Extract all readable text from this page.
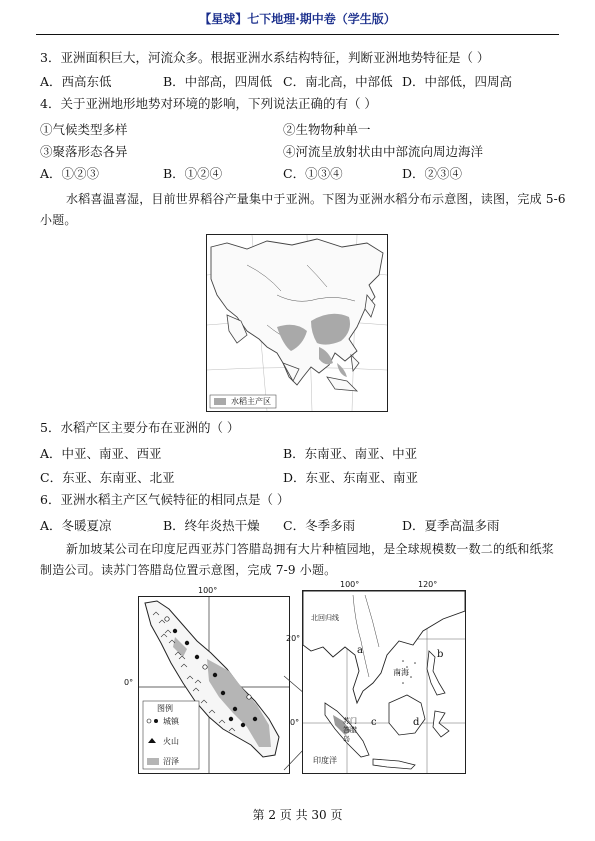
【星球】七下地理·期中卷（学生版）
3．亚洲面积巨大，河流众多。根据亚洲水系结构特征，判断亚洲地势特征是（ ）
A．西高东低	B．中部高，四周低 C．南北高，中部低 D．中部低，四周高
4．关于亚洲地形地势对环境的影响，下列说法正确的有（ ）
①气候类型多样	②生物物种单一
③聚落形态各异	④河流呈放射状由中部流向周边海洋
A．①②③	B．①②④	C．①③④	D．②③④
水稻喜温喜湿，目前世界稻谷产量集中于亚洲。下图为亚洲水稻分布示意图，读图，完成 5-6
小题。
水稻主产区
5．水稻产区主要分布在亚洲的（ ）
A．中亚、南亚、西亚	B．东南亚、南亚、中亚
C．东亚、东南亚、北亚	D．东亚、东南亚、南亚
6．亚洲水稻主产区气候特征的相同点是（ ）
A．冬暖夏凉	B．终年炎热干燥 C．冬季多雨	D．夏季高温多雨
新加坡某公司在印度尼西亚苏门答腊岛拥有大片种植园地，是全球规模数一数二的纸和纸浆
制造公司。读苏门答腊岛位置示意图，完成 7-9 小题。
100°
0°
图例
城镇
火山
沼泽
100°	120°
北回归线
a	b
南海
c	d
苏门答腊岛
印度洋
20°
0°
第 2 页 共 30 页
